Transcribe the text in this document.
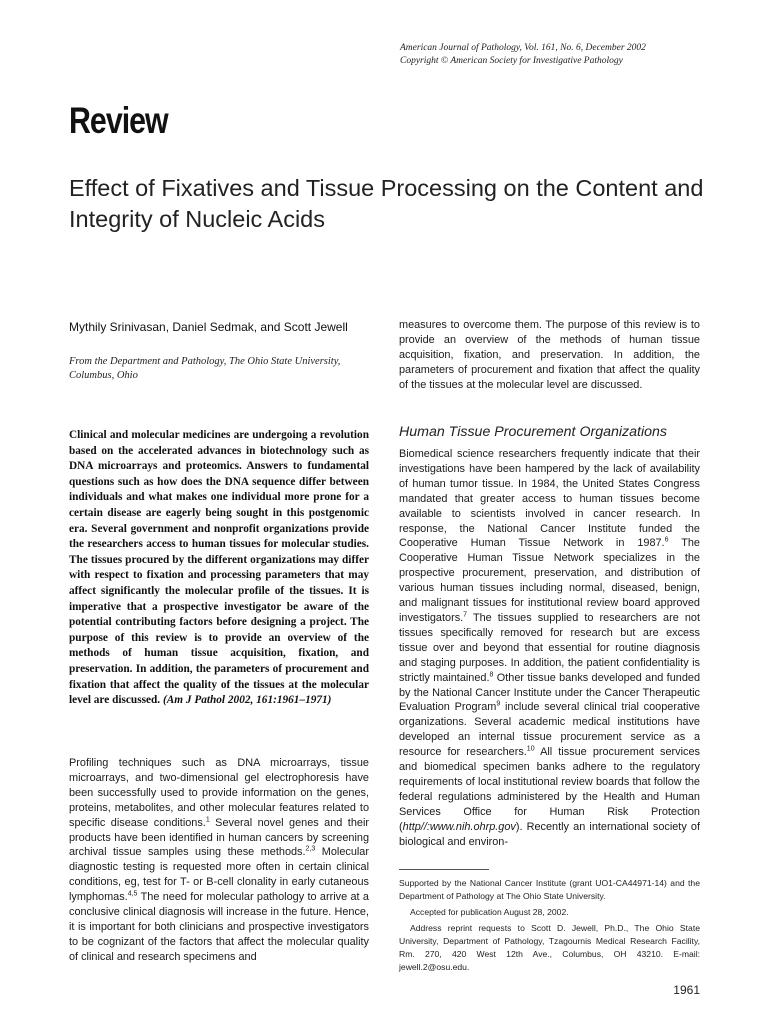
American Journal of Pathology, Vol. 161, No. 6, December 2002
Copyright © American Society for Investigative Pathology
Review
Effect of Fixatives and Tissue Processing on the Content and Integrity of Nucleic Acids
Mythily Srinivasan, Daniel Sedmak, and Scott Jewell
From the Department and Pathology, The Ohio State University, Columbus, Ohio

Clinical and molecular medicines are undergoing a revolution based on the accelerated advances in biotechnology such as DNA microarrays and proteomics. Answers to fundamental questions such as how does the DNA sequence differ between individuals and what makes one individual more prone for a certain disease are eagerly being sought in this postgenomic era. Several government and nonprofit organizations provide the researchers access to human tissues for molecular studies. The tissues procured by the different organizations may differ with respect to fixation and processing parameters that may affect significantly the molecular profile of the tissues. It is imperative that a prospective investigator be aware of the potential contributing factors before designing a project. The purpose of this review is to provide an overview of the methods of human tissue acquisition, fixation, and preservation. In addition, the parameters of procurement and fixation that affect the quality of the tissues at the molecular level are discussed. (Am J Pathol 2002, 161:1961–1971)

Profiling techniques such as DNA microarrays, tissue microarrays, and two-dimensional gel electrophoresis have been successfully used to provide information on the genes, proteins, metabolites, and other molecular features related to specific disease conditions.$^1$ Several novel genes and their products have been identified in human cancers by screening archival tissue samples using these methods.$^{2,3}$ Molecular diagnostic testing is requested more often in certain clinical conditions, eg, test for T- or B-cell clonality in early cutaneous lymphomas.$^{4,5}$ The need for molecular pathology to arrive at a conclusive clinical diagnosis will increase in the future. Hence, it is important for both clinicians and prospective investigators to be cognizant of the factors that affect the molecular quality of clinical and research specimens and

measures to overcome them. The purpose of this review is to provide an overview of the methods of human tissue acquisition, fixation, and preservation. In addition, the parameters of procurement and fixation that affect the quality of the tissues at the molecular level are discussed.

Human Tissue Procurement Organizations

Biomedical science researchers frequently indicate that their investigations have been hampered by the lack of availability of human tumor tissue. In 1984, the United States Congress mandated that greater access to human tissues become available to scientists involved in cancer research. In response, the National Cancer Institute funded the Cooperative Human Tissue Network in 1987.$^6$ The Cooperative Human Tissue Network specializes in the prospective procurement, preservation, and distribution of various human tissues including normal, diseased, benign, and malignant tissues for institutional review board approved investigators.$^7$ The tissues supplied to researchers are not tissues specifically removed for research but are excess tissue over and beyond that essential for routine diagnosis and staging purposes. In addition, the patient confidentiality is strictly maintained.$^8$ Other tissue banks developed and funded by the National Cancer Institute under the Cancer Therapeutic Evaluation Program$^9$ include several clinical trial cooperative organizations. Several academic medical institutions have developed an internal tissue procurement service as a resource for researchers.$^{10}$ All tissue procurement services and biomedical specimen banks adhere to the regulatory requirements of local institutional review boards that follow the federal regulations administered by the Health and Human Services Office for Human Risk Protection (http//:www.nih.ohrp.gov). Recently an international society of biological and environ-

Supported by the National Cancer Institute (grant UO1-CA44971-14) and the Department of Pathology at The Ohio State University.

Accepted for publication August 28, 2002.

Address reprint requests to Scott D. Jewell, Ph.D., The Ohio State University, Department of Pathology, Tzagournis Medical Research Facility, Rm. 270, 420 West 12th Ave., Columbus, OH 43210. E-mail: jewell.2@osu.edu.

1961
